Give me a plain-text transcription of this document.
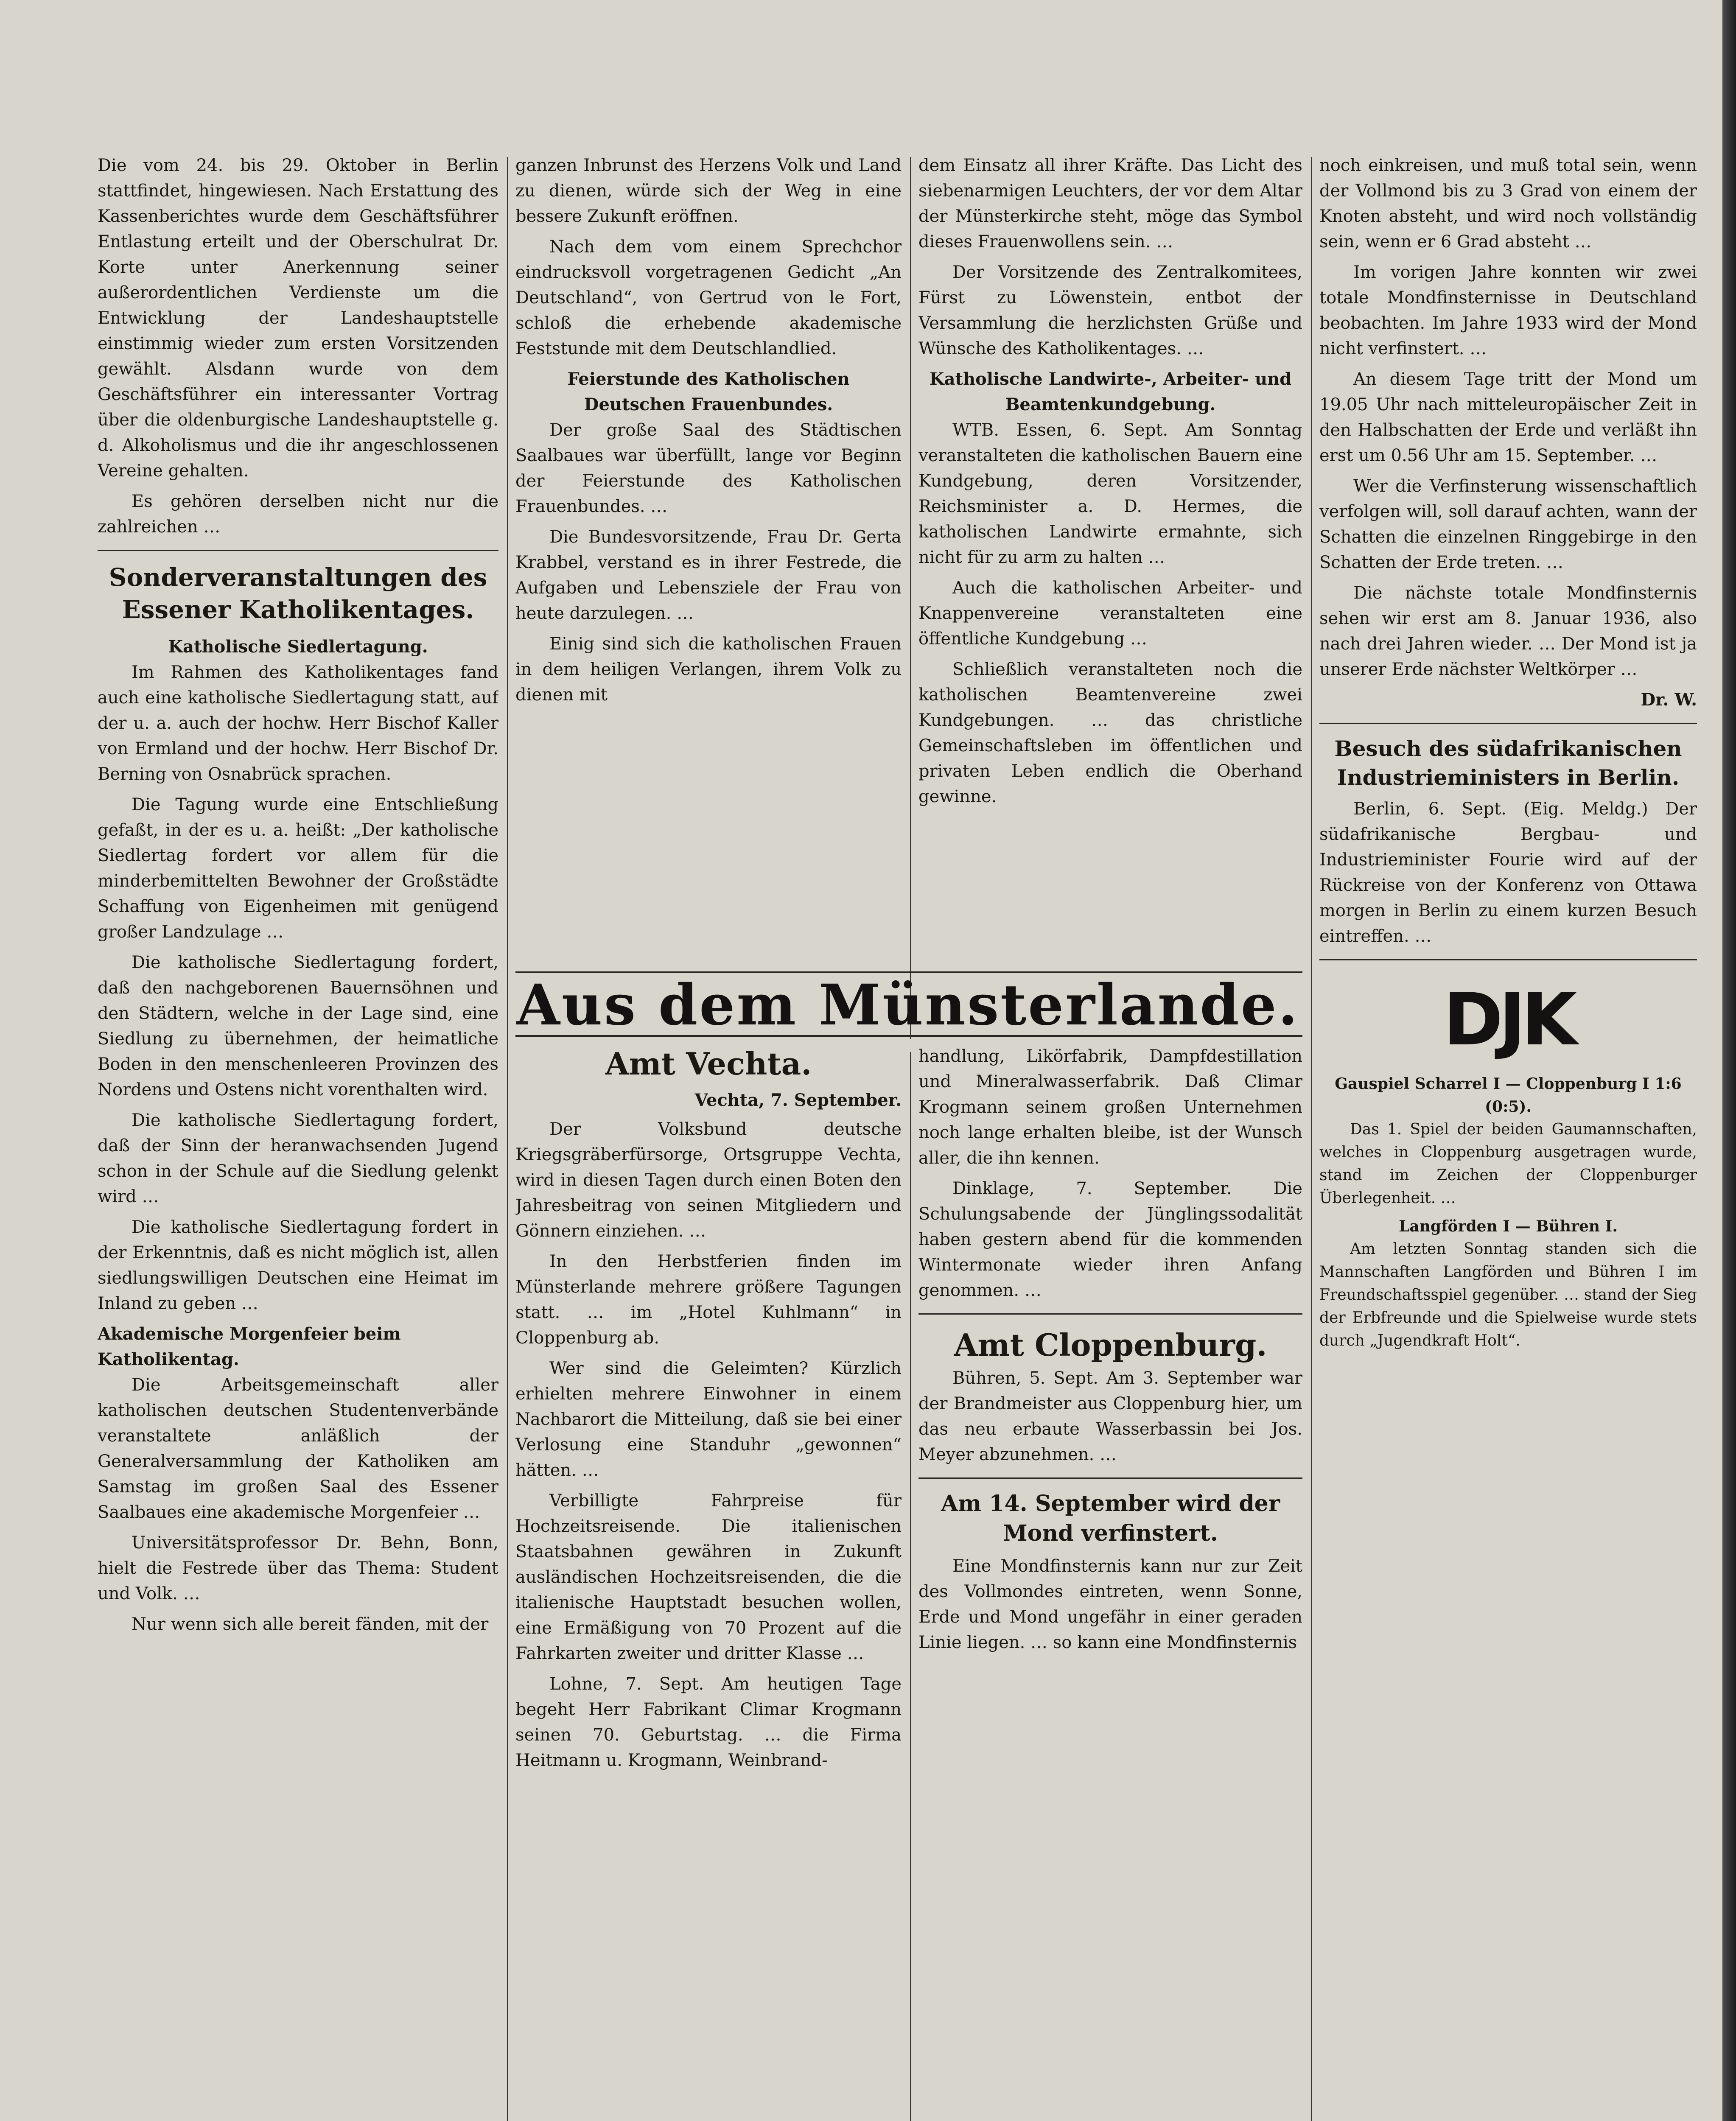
Die vom 24. bis 29. Oktober in Berlin stattfindet, hingewiesen. Nach Erstattung des Kassenberichtes wurde dem Geschäftsführer Entlastung erteilt und der Oberschulrat Dr. Korte unter Anerkennung seiner außerordentlichen Verdienste um die Entwicklung der Landeshauptstelle einstimmig wieder zum ersten Vorsitzenden gewählt. Alsdann wurde von dem Geschäftsführer ein interessanter Vortrag über die oldenburgische Landeshauptstelle g. d. Alkoholismus und die ihr angeschlossenen Vereine gehalten.

Es gehören derselben nicht nur die zahlreichen …

Sonderveranstaltungen des Essener Katholikentages.
Katholische Siedlertagung.

Im Rahmen des Katholikentages fand auch eine katholische Siedlertagung statt, auf der u. a. auch der hochw. Herr Bischof Kaller von Ermland und der hochw. Herr Bischof Dr. Berning von Osnabrück sprachen.

Die Tagung wurde eine Entschließung gefaßt, in der es u. a. heißt: „Der katholische Siedlertag fordert vor allem für die minderbemittelten Bewohner der Großstädte Schaffung von Eigenheimen mit genügend großer Landzulage …

Die katholische Siedlertagung fordert, daß den nachgeborenen Bauernsöhnen und den Städtern, welche in der Lage sind, eine Siedlung zu übernehmen, der heimatliche Boden in den menschenleeren Provinzen des Nordens und Ostens nicht vorenthalten wird.

Die katholische Siedlertagung fordert, daß der Sinn der heranwachsenden Jugend schon in der Schule auf die Siedlung gelenkt wird …

Die katholische Siedlertagung fordert in der Erkenntnis, daß es nicht möglich ist, allen siedlungswilligen Deutschen eine Heimat im Inland zu geben …

Akademische Morgenfeier beim Katholikentag.

Die Arbeitsgemeinschaft aller katholischen deutschen Studentenverbände veranstaltete anläßlich der Generalversammlung der Katholiken am Samstag im großen Saal des Essener Saalbaues eine akademische Morgenfeier …

Universitätsprofessor Dr. Behn, Bonn, hielt die Festrede über das Thema: Student und Volk. …

Nur wenn sich alle bereit fänden, mit der

ganzen Inbrunst des Herzens Volk und Land zu dienen, würde sich der Weg in eine bessere Zukunft eröffnen.

Nach dem vom einem Sprechchor eindrucksvoll vorgetragenen Gedicht „An Deutschland“, von Gertrud von le Fort, schloß die erhebende akademische Feststunde mit dem Deutschlandlied.

Feierstunde des Katholischen Deutschen Frauenbundes.

Der große Saal des Städtischen Saalbaues war überfüllt, lange vor Beginn der Feierstunde des Katholischen Frauenbundes. …

Die Bundesvorsitzende, Frau Dr. Gerta Krabbel, verstand es in ihrer Festrede, die Aufgaben und Lebensziele der Frau von heute darzulegen. …

Einig sind sich die katholischen Frauen in dem heiligen Verlangen, ihrem Volk zu dienen mit

dem Einsatz all ihrer Kräfte. Das Licht des siebenarmigen Leuchters, der vor dem Altar der Münsterkirche steht, möge das Symbol dieses Frauenwollens sein. …

Der Vorsitzende des Zentralkomitees, Fürst zu Löwenstein, entbot der Versammlung die herzlichsten Grüße und Wünsche des Katholikentages. …

Katholische Landwirte-, Arbeiter- und Beamtenkundgebung.

WTB. Essen, 6. Sept. Am Sonntag veranstalteten die katholischen Bauern eine Kundgebung, deren Vorsitzender, Reichsminister a. D. Hermes, die katholischen Landwirte ermahnte, sich nicht für zu arm zu halten …

Auch die katholischen Arbeiter- und Knappenvereine veranstalteten eine öffentliche Kundgebung …

Schließlich veranstalteten noch die katholischen Beamtenvereine zwei Kundgebungen. … das christliche Gemeinschaftsleben im öffentlichen und privaten Leben endlich die Oberhand gewinne.

Aus dem Münsterlande.
Amt Vechta.
Vechta, 7. September.

Der Volksbund deutsche Kriegsgräberfürsorge, Ortsgruppe Vechta, wird in diesen Tagen durch einen Boten den Jahresbeitrag von seinen Mitgliedern und Gönnern einziehen. …

In den Herbstferien finden im Münsterlande mehrere größere Tagungen statt. … im „Hotel Kuhlmann“ in Cloppenburg ab.

Wer sind die Geleimten? Kürzlich erhielten mehrere Einwohner in einem Nachbarort die Mitteilung, daß sie bei einer Verlosung eine Standuhr „gewonnen“ hätten. …

Verbilligte Fahrpreise für Hochzeitsreisende. Die italienischen Staatsbahnen gewähren in Zukunft ausländischen Hochzeitsreisenden, die die italienische Hauptstadt besuchen wollen, eine Ermäßigung von 70 Prozent auf die Fahrkarten zweiter und dritter Klasse …

Lohne, 7. Sept. Am heutigen Tage begeht Herr Fabrikant Climar Krogmann seinen 70. Geburtstag. … die Firma Heitmann u. Krogmann, Weinbrand-

handlung, Likörfabrik, Dampfdestillation und Mineralwasserfabrik. Daß Climar Krogmann seinem großen Unternehmen noch lange erhalten bleibe, ist der Wunsch aller, die ihn kennen.

Dinklage, 7. September. Die Schulungsabende der Jünglingssodalität haben gestern abend für die kommenden Wintermonate wieder ihren Anfang genommen. …

Amt Cloppenburg.

Bühren, 5. Sept. Am 3. September war der Brandmeister aus Cloppenburg hier, um das neu erbaute Wasserbassin bei Jos. Meyer abzunehmen. …

Am 14. September wird der Mond verfinstert.

Eine Mondfinsternis kann nur zur Zeit des Vollmondes eintreten, wenn Sonne, Erde und Mond ungefähr in einer geraden Linie liegen. … so kann eine Mondfinsternis

noch einkreisen, und muß total sein, wenn der Vollmond bis zu 3 Grad von einem der Knoten absteht, und wird noch vollständig sein, wenn er 6 Grad absteht …

Im vorigen Jahre konnten wir zwei totale Mondfinsternisse in Deutschland beobachten. Im Jahre 1933 wird der Mond nicht verfinstert. …

An diesem Tage tritt der Mond um 19.05 Uhr nach mitteleuropäischer Zeit in den Halbschatten der Erde und verläßt ihn erst um 0.56 Uhr am 15. September. …

Wer die Verfinsterung wissenschaftlich verfolgen will, soll darauf achten, wann der Schatten die einzelnen Ringgebirge in den Schatten der Erde treten. …

Die nächste totale Mondfinsternis sehen wir erst am 8. Januar 1936, also nach drei Jahren wieder. … Der Mond ist ja unserer Erde nächster Weltkörper …

Dr. W.
Besuch des südafrikanischen Industrieministers in Berlin.

Berlin, 6. Sept. (Eig. Meldg.) Der südafrikanische Bergbau- und Industrieminister Fourie wird auf der Rückreise von der Konferenz von Ottawa morgen in Berlin zu einem kurzen Besuch eintreffen. …

DJK
Gauspiel Scharrel I — Cloppenburg I 1:6 (0:5).

Das 1. Spiel der beiden Gaumannschaften, welches in Cloppenburg ausgetragen wurde, stand im Zeichen der Cloppenburger Überlegenheit. …

Langförden I — Bühren I.

Am letzten Sonntag standen sich die Mannschaften Langförden und Bühren I im Freundschaftsspiel gegenüber. … stand der Sieg der Erbfreunde und die Spielweise wurde stets durch „Jugendkraft Holt“.
